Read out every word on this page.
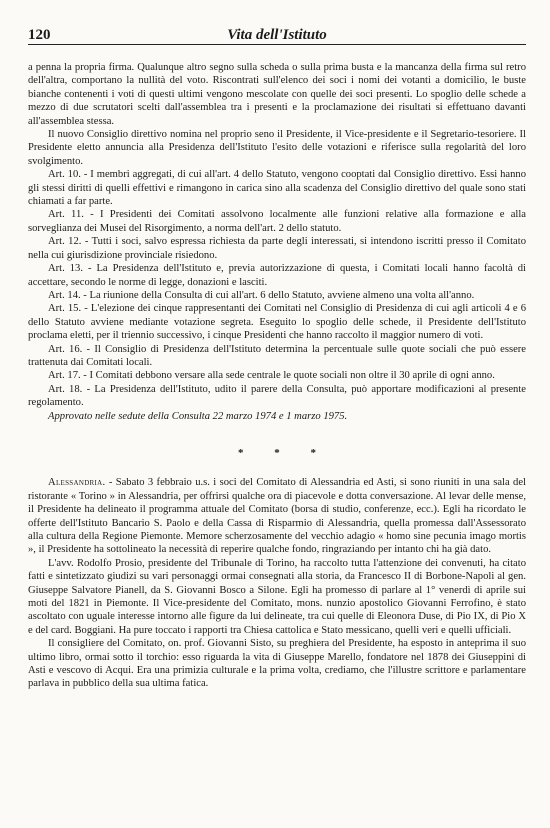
120	Vita dell'Istituto

a penna la propria firma. Qualunque altro segno sulla scheda o sulla prima busta e la mancanza della firma sul retro dell'altra, comportano la nullità del voto. Riscontrati sull'elenco dei soci i nomi dei votanti a domicilio, le buste bianche contenenti i voti di questi ultimi vengono mescolate con quelle dei soci presenti. Lo spoglio delle schede a mezzo di due scrutatori scelti dall'assemblea tra i presenti e la proclamazione dei risultati si effettuano davanti all'assemblea stessa.

Il nuovo Consiglio direttivo nomina nel proprio seno il Presidente, il Vice-presidente e il Segretario-tesoriere. Il Presidente eletto annuncia alla Presidenza dell'Istituto l'esito delle votazioni e riferisce sulla regolarità del loro svolgimento.

Art. 10. - I membri aggregati, di cui all'art. 4 dello Statuto, vengono cooptati dal Consiglio direttivo. Essi hanno gli stessi diritti di quelli effettivi e rimangono in carica sino alla scadenza del Consiglio direttivo del quale sono stati chiamati a far parte.

Art. 11. - I Presidenti dei Comitati assolvono localmente alle funzioni relative alla formazione e alla sorveglianza dei Musei del Risorgimento, a norma dell'art. 2 dello statuto.

Art. 12. - Tutti i soci, salvo espressa richiesta da parte degli interessati, si intendono iscritti presso il Comitato nella cui giurisdizione provinciale risiedono.

Art. 13. - La Presidenza dell'Istituto e, previa autorizzazione di questa, i Comitati locali hanno facoltà di accettare, secondo le norme di legge, donazioni e lasciti.

Art. 14. - La riunione della Consulta di cui all'art. 6 dello Statuto, avviene almeno una volta all'anno.

Art. 15. - L'elezione dei cinque rappresentanti dei Comitati nel Consiglio di Presidenza di cui agli articoli 4 e 6 dello Statuto avviene mediante votazione segreta. Eseguito lo spoglio delle schede, il Presidente dell'Istituto proclama eletti, per il triennio successivo, i cinque Presidenti che hanno raccolto il maggior numero di voti.

Art. 16. - Il Consiglio di Presidenza dell'Istituto determina la percentuale sulle quote sociali che può essere trattenuta dai Comitati locali.

Art. 17. - I Comitati debbono versare alla sede centrale le quote sociali non oltre il 30 aprile di ogni anno.

Art. 18. - La Presidenza dell'Istituto, udito il parere della Consulta, può apportare modificazioni al presente regolamento.

Approvato nelle sedute della Consulta 22 marzo 1974 e 1 marzo 1975.

* * *

Alessandria. - Sabato 3 febbraio u.s. i soci del Comitato di Alessandria ed Asti, si sono riuniti in una sala del ristorante « Torino » in Alessandria, per offrirsi qualche ora di piacevole e dotta conversazione. Al levar delle mense, il Presidente ha delineato il programma attuale del Comitato (borsa di studio, conferenze, ecc.). Egli ha ricordato le offerte dell'Istituto Bancario S. Paolo e della Cassa di Risparmio di Alessandria, quella promessa dall'Assessorato alla cultura della Regione Piemonte. Memore scherzosamente del vecchio adagio « homo sine pecunia imago mortis », il Presidente ha sottolineato la necessità di reperire qualche fondo, ringraziando per intanto chi ha già dato.

L'avv. Rodolfo Prosio, presidente del Tribunale di Torino, ha raccolto tutta l'attenzione dei convenuti, ha citato fatti e sintetizzato giudizi su vari personaggi ormai consegnati alla storia, da Francesco II di Borbone-Napoli al gen. Giuseppe Salvatore Pianell, da S. Giovanni Bosco a Silone. Egli ha promesso di parlare al 1° venerdì di aprile sui moti del 1821 in Piemonte. Il Vice-presidente del Comitato, mons. nunzio apostolico Giovanni Ferrofino, è stato ascoltato con uguale interesse intorno alle figure da lui delineate, tra cui quelle di Eleonora Duse, di Pio IX, di Pio X e del card. Boggiani. Ha pure toccato i rapporti tra Chiesa cattolica e Stato messicano, quelli veri e quelli ufficiali.

Il consigliere del Comitato, on. prof. Giovanni Sisto, su preghiera del Presidente, ha esposto in anteprima il suo ultimo libro, ormai sotto il torchio: esso riguarda la vita di Giuseppe Marello, fondatore nel 1878 dei Giuseppini di Asti e vescovo di Acqui. Era una primizia culturale e la prima volta, crediamo, che l'illustre scrittore e parlamentare parlava in pubblico della sua ultima fatica.
